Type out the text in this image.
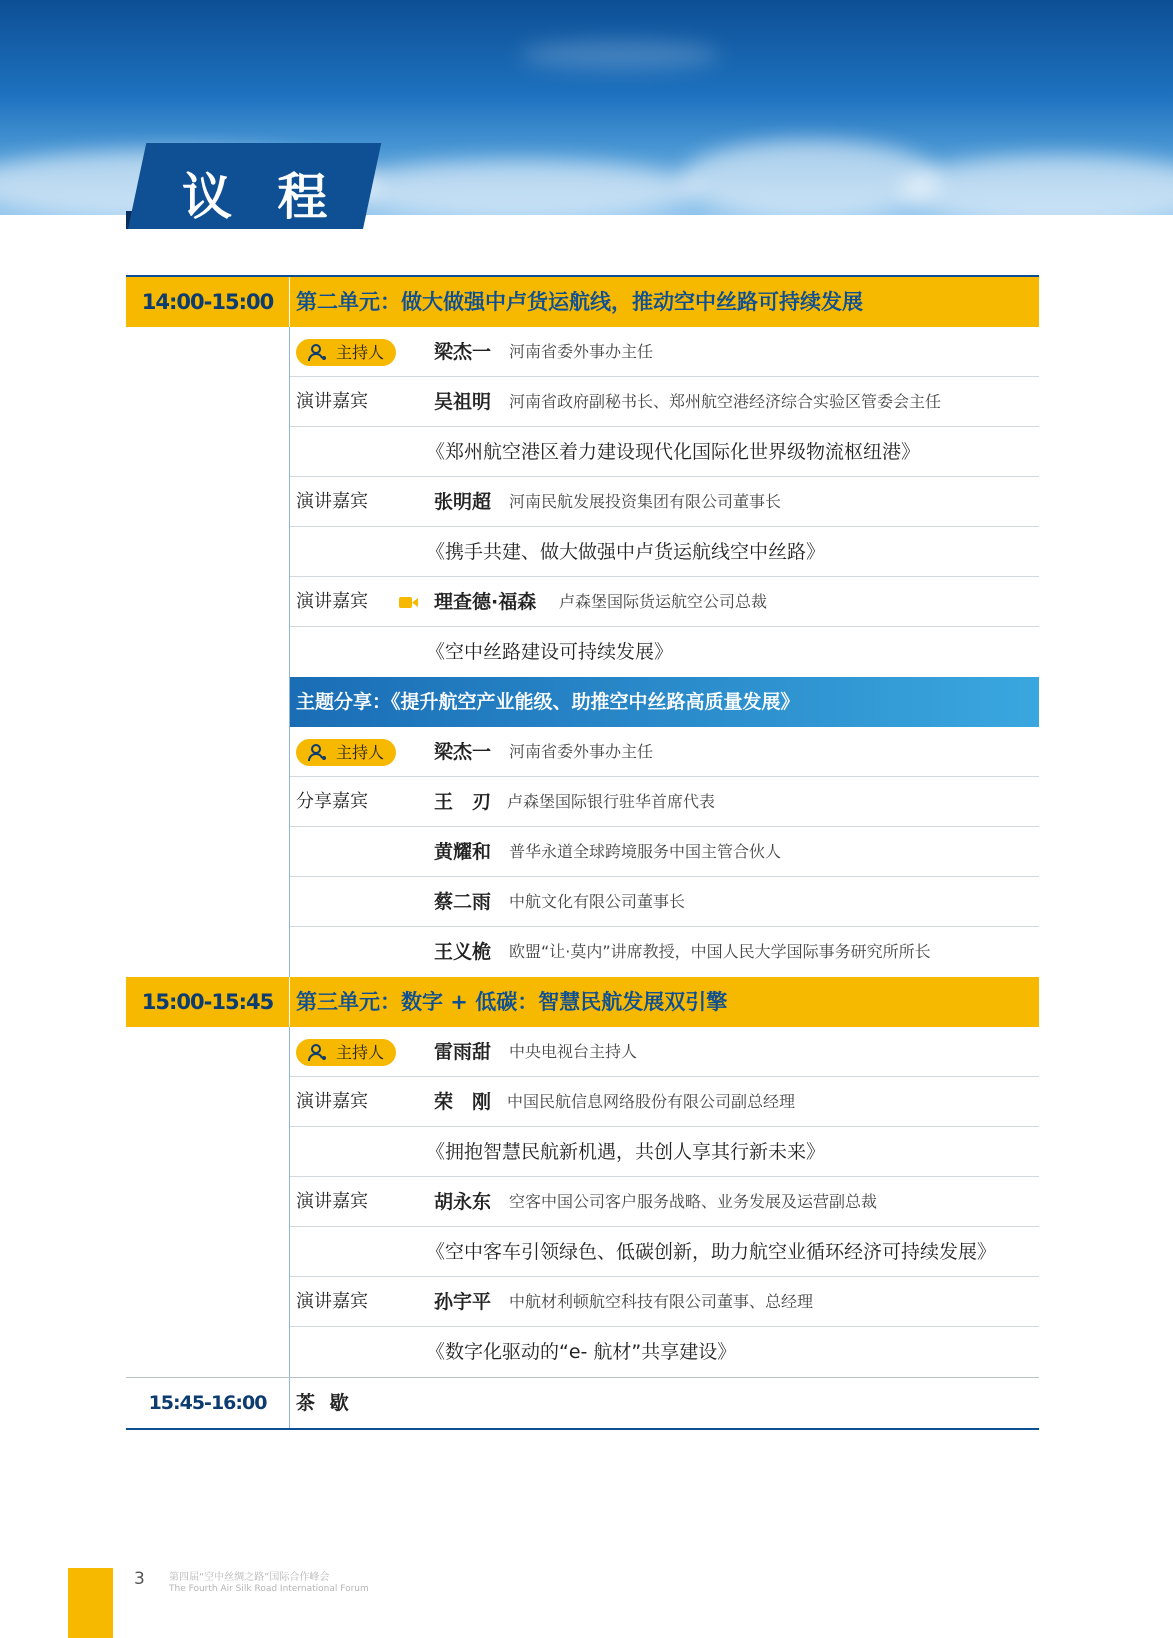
议 程
14:00-15:00	第二单元：做大做强中卢货运航线，推动空中丝路可持续发展
主持人	梁杰一 河南省委外事办主任
演讲嘉宾	吴祖明 河南省政府副秘书长、郑州航空港经济综合实验区管委会主任
《郑州航空港区着力建设现代化国际化世界级物流枢纽港》
演讲嘉宾	张明超 河南民航发展投资集团有限公司董事长
《携手共建、做大做强中卢货运航线空中丝路》
演讲嘉宾	理查德·福森 卢森堡国际货运航空公司总裁
《空中丝路建设可持续发展》
主题分享：《提升航空产业能级、助推空中丝路高质量发展》
主持人	梁杰一 河南省委外事办主任
分享嘉宾	王　刃 卢森堡国际银行驻华首席代表
黄耀和 普华永道全球跨境服务中国主管合伙人
蔡二雨 中航文化有限公司董事长
王义桅 欧盟“让·莫内”讲席教授，中国人民大学国际事务研究所所长
15:00-15:45	第三单元：数字 + 低碳：智慧民航发展双引擎
主持人	雷雨甜 中央电视台主持人
演讲嘉宾	荣　刚 中国民航信息网络股份有限公司副总经理
《拥抱智慧民航新机遇，共创人享其行新未来》
演讲嘉宾	胡永东 空客中国公司客户服务战略、业务发展及运营副总裁
《空中客车引领绿色、低碳创新，助力航空业循环经济可持续发展》
演讲嘉宾	孙宇平 中航材利顿航空科技有限公司董事、总经理
《数字化驱动的“e- 航材”共享建设》
15:45-16:00	茶 歇
3 第四届“空中丝绸之路”国际合作峰会
The Fourth Air Silk Road International Forum
